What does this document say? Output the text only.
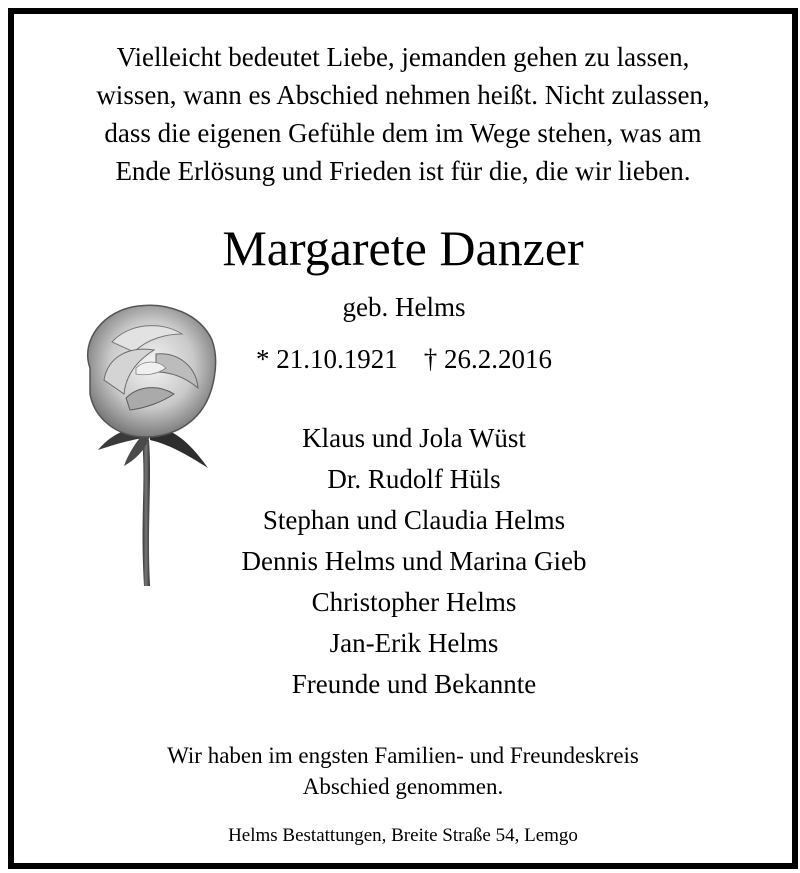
Vielleicht bedeutet Liebe, jemanden gehen zu lassen,
wissen, wann es Abschied nehmen heißt. Nicht zulassen,
dass die eigenen Gefühle dem im Wege stehen, was am
Ende Erlösung und Frieden ist für die, die wir lieben.
Margarete Danzer
geb. Helms
* 21.10.1921 † 26.2.2016
Klaus und Jola Wüst
Dr. Rudolf Hüls
Stephan und Claudia Helms
Dennis Helms und Marina Gieb
Christopher Helms
Jan-Erik Helms
Freunde und Bekannte
Wir haben im engsten Familien- und Freundeskreis
Abschied genommen.
Helms Bestattungen, Breite Straße 54, Lemgo
